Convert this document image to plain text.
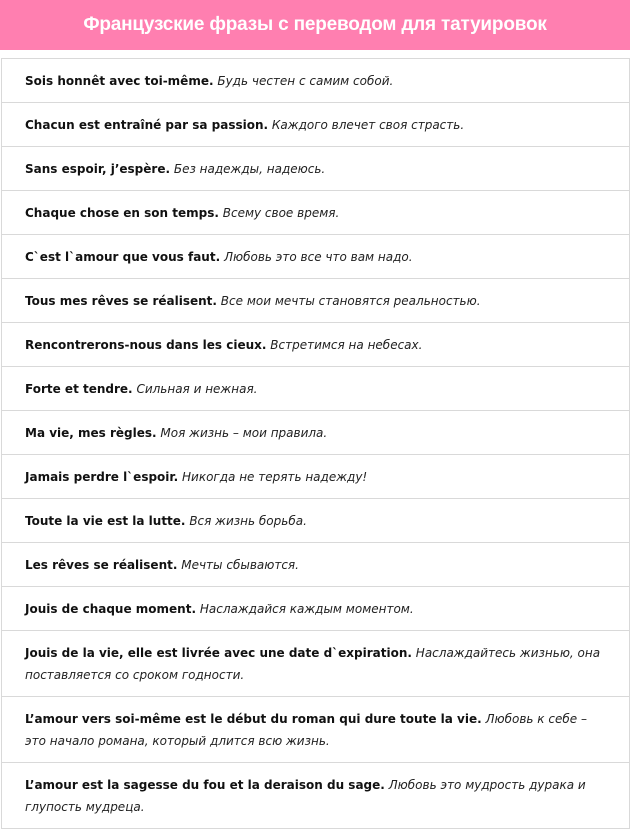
Французские фразы с переводом для татуировок
Sois honnêt avec toi-même. Будь честен с самим собой.
Chacun est entraîné par sa passion. Каждого влечет своя страсть.
Sans espoir, j’espère. Без надежды, надеюсь.
Chaque chose en son temps. Всему свое время.
C`est l`amour que vous faut. Любовь это все что вам надо.
Tous mes rêves se réalisent. Все мои мечты становятся реальностью.
Rencontrerons-nous dans les cieux. Встретимся на небесах.
Forte et tendre. Сильная и нежная.
Ma vie, mes règles. Моя жизнь – мои правила.
Jamais perdre l`espoir. Никогда не терять надежду!
Toute la vie est la lutte. Вся жизнь борьба.
Les rêves se réalisent. Мечты сбываются.
Jouis de chaque moment. Наслаждайся каждым моментом.
Jouis de la vie, elle est livrée avec une date d`expiration. Наслаждайтесь жизнью, она поставляется со сроком годности.
L’amour vers soi-même est le début du roman qui dure toute la vie. Любовь к себе – это начало романа, который длится всю жизнь.
L’amour est la sagesse du fou et la deraison du sage. Любовь это мудрость дурака и глупость мудреца.
